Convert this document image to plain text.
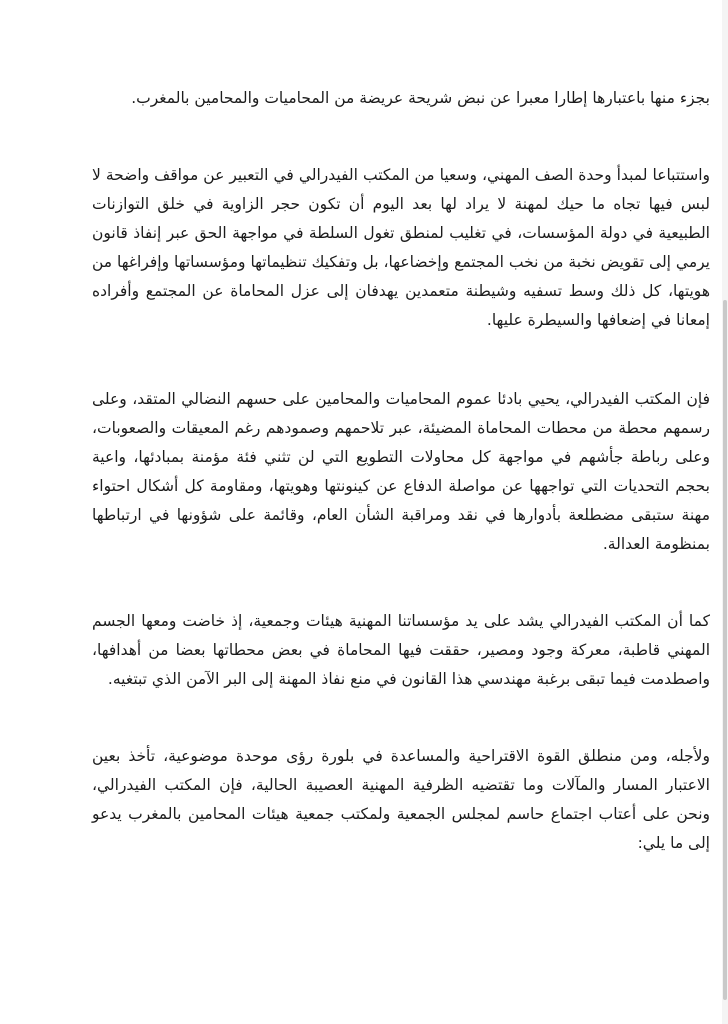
بجزء منها باعتبارها إطارا معبرا عن نبض شريحة عريضة من المحاميات والمحامين بالمغرب.

واستتباعا لمبدأ وحدة الصف المهني، وسعيا من المكتب الفيدرالي في التعبير عن مواقف واضحة لا لبس فيها تجاه ما حيك لمهنة لا يراد لها بعد اليوم أن تكون حجر الزاوية في خلق التوازنات الطبيعية في دولة المؤسسات، في تغليب لمنطق تغول السلطة في مواجهة الحق عبر إنفاذ قانون يرمي إلى تقويض نخبة من نخب المجتمع وإخضاعها، بل وتفكيك تنظيماتها ومؤسساتها وإفراغها من هويتها، كل ذلك وسط تسفيه وشيطنة متعمدين يهدفان إلى عزل المحاماة عن المجتمع وأفراده إمعانا في إضعافها والسيطرة عليها.

فإن المكتب الفيدرالي، يحيي بادئا عموم المحاميات والمحامين على حسهم النضالي المتقد، وعلى رسمهم محطة من محطات المحاماة المضيئة، عبر تلاحمهم وصمودهم رغم المعيقات والصعوبات، وعلى رباطة جأشهم في مواجهة كل محاولات التطويع التي لن تثني فئة مؤمنة بمبادئها، واعية بحجم التحديات التي تواجهها عن مواصلة الدفاع عن كينونتها وهويتها، ومقاومة كل أشكال احتواء مهنة ستبقى مضطلعة بأدوارها في نقد ومراقبة الشأن العام، وقائمة على شؤونها في ارتباطها بمنظومة العدالة.

كما أن المكتب الفيدرالي يشد على يد مؤسساتنا المهنية هيئات وجمعية، إذ خاضت ومعها الجسم المهني قاطبة، معركة وجود ومصير، حققت فيها المحاماة في بعض محطاتها بعضا من أهدافها، واصطدمت فيما تبقى برغبة مهندسي هذا القانون في منع نفاذ المهنة إلى البر الآمن الذي تبتغيه.

ولأجله، ومن منطلق القوة الاقتراحية والمساعدة في بلورة رؤى موحدة موضوعية، تأخذ بعين الاعتبار المسار والمآلات وما تقتضيه الظرفية المهنية العصيبة الحالية، فإن المكتب الفيدرالي، ونحن على أعتاب اجتماع حاسم لمجلس الجمعية ولمكتب جمعية هيئات المحامين بالمغرب يدعو إلى ما يلي:
